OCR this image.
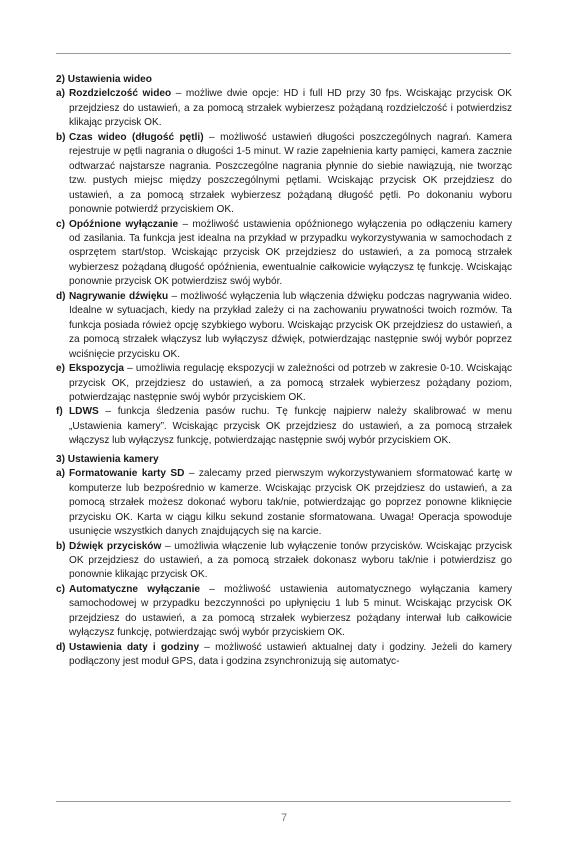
2) Ustawienia wideo

a) Rozdzielczość wideo – możliwe dwie opcje: HD i full HD przy 30 fps. Wciskając przycisk OK przejdziesz do ustawień, a za pomocą strzałek wybierzesz pożądaną rozdzielczość i potwierdzisz klikając przycisk OK.
b) Czas wideo (długość pętli) – możliwość ustawień długości poszczególnych nagrań. Kamera rejestruje w pętli nagrania o długości 1-5 minut. W razie zapełnienia karty pamięci, kamera zacznie odtwarzać najstarsze nagrania. Poszczególne nagrania płynnie do siebie nawiązują, nie tworząc tzw. pustych miejsc między poszczególnymi pętlami. Wciskając przycisk OK przejdziesz do ustawień, a za pomocą strzałek wybierzesz pożądaną długość pętli. Po dokonaniu wyboru ponownie potwierdź przyciskiem OK.
c) Opóźnione wyłączanie – możliwość ustawienia opóźnionego wyłączenia po odłączeniu kamery od zasilania. Ta funkcja jest idealna na przykład w przypadku wykorzystywania w samochodach z osprzętem start/stop. Wciskając przycisk OK przejdziesz do ustawień, a za pomocą strzałek wybierzesz pożądaną długość opóźnienia, ewentualnie całkowicie wyłączysz tę funkcję. Wciskając ponownie przycisk OK potwierdzisz swój wybór.
d) Nagrywanie dźwięku – możliwość wyłączenia lub włączenia dźwięku podczas nagrywania wideo. Idealne w sytuacjach, kiedy na przykład zależy ci na zachowaniu prywatności twoich rozmów. Ta funkcja posiada rówież opcję szybkiego wyboru. Wciskając przycisk OK przejdziesz do ustawień, a za pomocą strzałek włączysz lub wyłączysz dźwięk, potwierdzając następnie swój wybór poprzez wciśnięcie przycisku OK.
e) Ekspozycja – umożliwia regulację ekspozycji w zależności od potrzeb w zakresie 0-10. Wciskając przycisk OK, przejdziesz do ustawień, a za pomocą strzałek wybierzesz pożądany poziom, potwierdzając następnie swój wybór przyciskiem OK.
f) LDWS – funkcja śledzenia pasów ruchu. Tę funkcję najpierw należy skalibrować w menu „Ustawienia kamery”. Wciskając przycisk OK przejdziesz do ustawień, a za pomocą strzałek włączysz lub wyłączysz funkcję, potwierdzając następnie swój wybór przyciskiem OK.

3) Ustawienia kamery

a) Formatowanie karty SD – zalecamy przed pierwszym wykorzystywaniem sformatować kartę w komputerze lub bezpośrednio w kamerze. Wciskając przycisk OK przejdziesz do ustawień, a za pomocą strzałek możesz dokonać wyboru tak/nie, potwierdzając go poprzez ponowne kliknięcie przycisku OK. Karta w ciągu kilku sekund zostanie sformatowana. Uwaga! Operacja spowoduje usunięcie wszystkich danych znajdujących się na karcie.
b) Dźwięk przycisków – umożliwia włączenie lub wyłączenie tonów przycisków. Wciskając przycisk OK przejdziesz do ustawień, a za pomocą strzałek dokonasz wyboru tak/nie i potwierdzisz go ponownie klikając przycisk OK.
c) Automatyczne wyłączanie – możliwość ustawienia automatycznego wyłączania kamery samochodowej w przypadku bezczynności po upłynięciu 1 lub 5 minut. Wciskając przycisk OK przejdziesz do ustawień, a za pomocą strzałek wybierzesz pożądany interwał lub całkowicie wyłączysz funkcję, potwierdzając swój wybór przyciskiem OK.
d) Ustawienia daty i godziny – możliwość ustawień aktualnej daty i godziny. Jeżeli do kamery podłączony jest moduł GPS, data i godzina zsynchronizują się automatyc-
7
